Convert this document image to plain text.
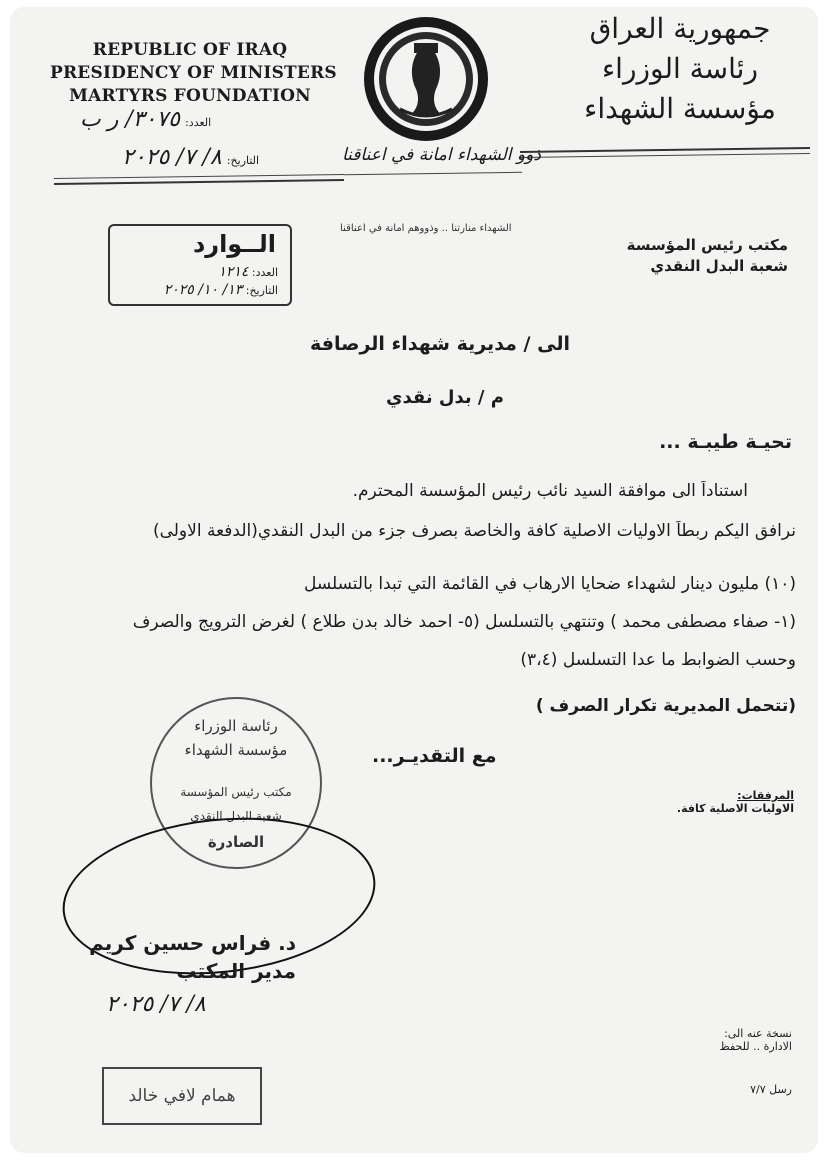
REPUBLIC OF IRAQ
PRESIDENCY OF MINISTERS
MARTYRS FOUNDATION
العدد: ٣٠٧٥/ ر ب
التاريخ: ٨/ ٧/ ٢٠٢٥
جمهورية العراق
رئاسة الوزراء
مؤسسة الشهداء
ذوو الشهداء امانة في اعناقنا
الشهداء منارتنا .. وذووهم امانة في اعناقنا
الــوارد
العدد: ١٢١٤
التاريخ: ١٣/ ١٠/ ٢٠٢٥
مكتب رئيس المؤسسة
شعبة البدل النقدي
الى / مديرية شهداء الرصافة
م / بدل نقدي
تحيـة طيبـة ...
استناداً الى موافقة السيد نائب رئيس المؤسسة المحترم.
نرافق اليكم ربطاً الاوليات الاصلية كافة والخاصة بصرف جزء من البدل النقدي(الدفعة الاولى)
(١٠) مليون دينار لشهداء ضحايا الارهاب في القائمة التي تبدا بالتسلسل
(١- صفاء مصطفى محمد ) وتنتهي بالتسلسل (٥- احمد خالد بدن طلاع ) لغرض الترويج والصرف
وحسب الضوابط ما عدا التسلسل (٣،٤)
(تتحمل المديرية تكرار الصرف )
مع التقديـر...
رئاسة الوزراء
مؤسسة الشهداء
مكتب رئيس المؤسسة
شعبة البدل النقدي
الصادرة
المرفقات:
الاوليات الاصلية كافة.
د. فراس حسين كريم
مدير المكتب
٨/ ٧/ ٢٠٢٥
نسخة عنه الى:
الادارة .. للحفظ
رسل ٧/٧
همام لافي خالد
